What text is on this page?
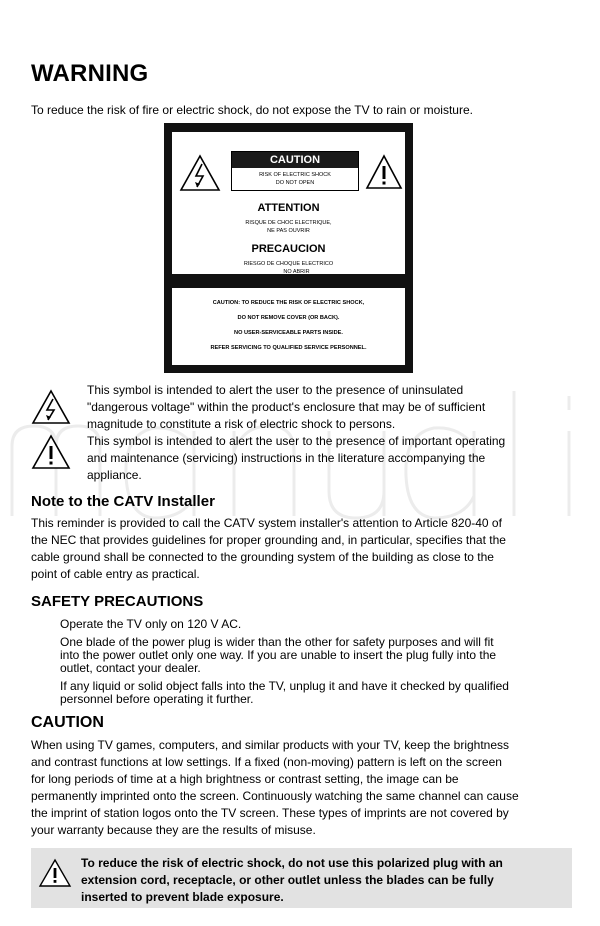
WARNING

To reduce the risk of fire or electric shock, do not expose the TV to rain or moisture.

CAUTION
RISK OF ELECTRIC SHOCK
DO NOT OPEN
ATTENTION
RISQUE DE CHOC ELECTRIQUE,
NE PAS OUVRIR
PRECAUCION
RIESGO DE CHOQUE ELECTRICO
NO ABRIR
CAUTION: TO REDUCE THE RISK OF ELECTRIC SHOCK,
DO NOT REMOVE COVER (OR BACK).
NO USER-SERVICEABLE PARTS INSIDE.
REFER SERVICING TO QUALIFIED SERVICE PERSONNEL.

This symbol is intended to alert the user to the presence of uninsulated

"dangerous voltage" within the product's enclosure that may be of sufficient

magnitude to constitute a risk of electric shock to persons.

This symbol is intended to alert the user to the presence of important operating

and maintenance (servicing) instructions in the literature accompanying the

appliance.

Note to the CATV Installer

This reminder is provided to call the CATV system installer's attention to Article 820-40 of

the NEC that provides guidelines for proper grounding and, in particular, specifies that the

cable ground shall be connected to the grounding system of the building as close to the

point of cable entry as practical.

SAFETY PRECAUTIONS

Operate the TV only on 120 V AC.

One blade of the power plug is wider than the other for safety purposes and will fit

into the power outlet only one way. If you are unable to insert the plug fully into the

outlet, contact your dealer.

If any liquid or solid object falls into the TV, unplug it and have it checked by qualified

personnel before operating it further.

CAUTION

When using TV games, computers, and similar products with your TV, keep the brightness

and contrast functions at low settings. If a fixed (non-moving) pattern is left on the screen

for long periods of time at a high brightness or contrast setting, the image can be

permanently imprinted onto the screen. Continuously watching the same channel can cause

the imprint of station logos onto the TV screen. These types of imprints are not covered by

your warranty because they are the results of misuse.

To reduce the risk of electric shock, do not use this polarized plug with an

extension cord, receptacle, or other outlet unless the blades can be fully

inserted to prevent blade exposure.
